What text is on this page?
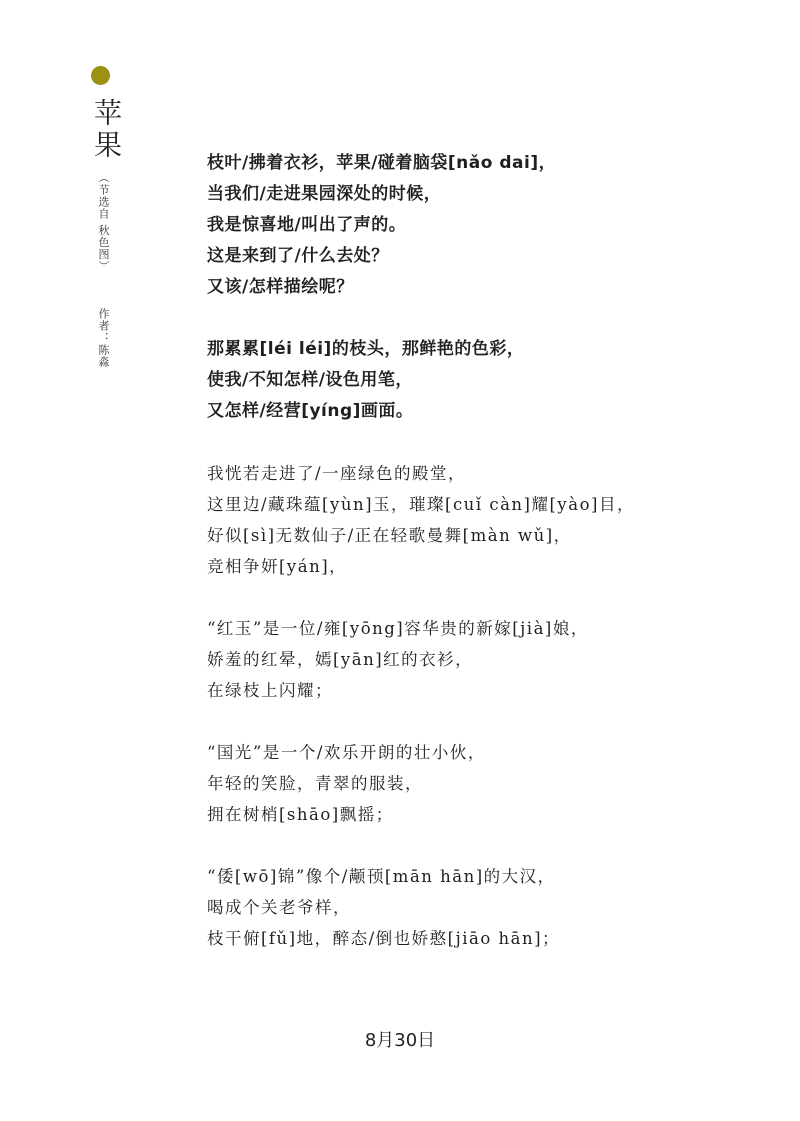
苹果
（节选自 秋色图）
作者：陈淼
枝叶/拂着衣衫，苹果/碰着脑袋[nǎo dai]，
当我们/走进果园深处的时候，
我是惊喜地/叫出了声的。
这是来到了/什么去处？
又该/怎样描绘呢？
那累累[léi léi]的枝头，那鲜艳的色彩，
使我/不知怎样/设色用笔，
又怎样/经营[yíng]画面。
我恍若走进了/一座绿色的殿堂，
这里边/藏珠蕴[yùn]玉，璀璨[cuǐ càn]耀[yào]目，
好似[sì]无数仙子/正在轻歌曼舞[màn wǔ]，
竞相争妍[yán]，
“红玉”是一位/雍[yōng]容华贵的新嫁[jià]娘，
娇羞的红晕，嫣[yān]红的衣衫，
在绿枝上闪耀；
“国光”是一个/欢乐开朗的壮小伙，
年轻的笑脸，青翠的服装，
拥在树梢[shāo]飘摇；
“倭[wō]锦”像个/颟顸[mān hān]的大汉，
喝成个关老爷样，
枝干俯[fǔ]地，醉态/倒也娇憨[jiāo hān]；
8月30日
